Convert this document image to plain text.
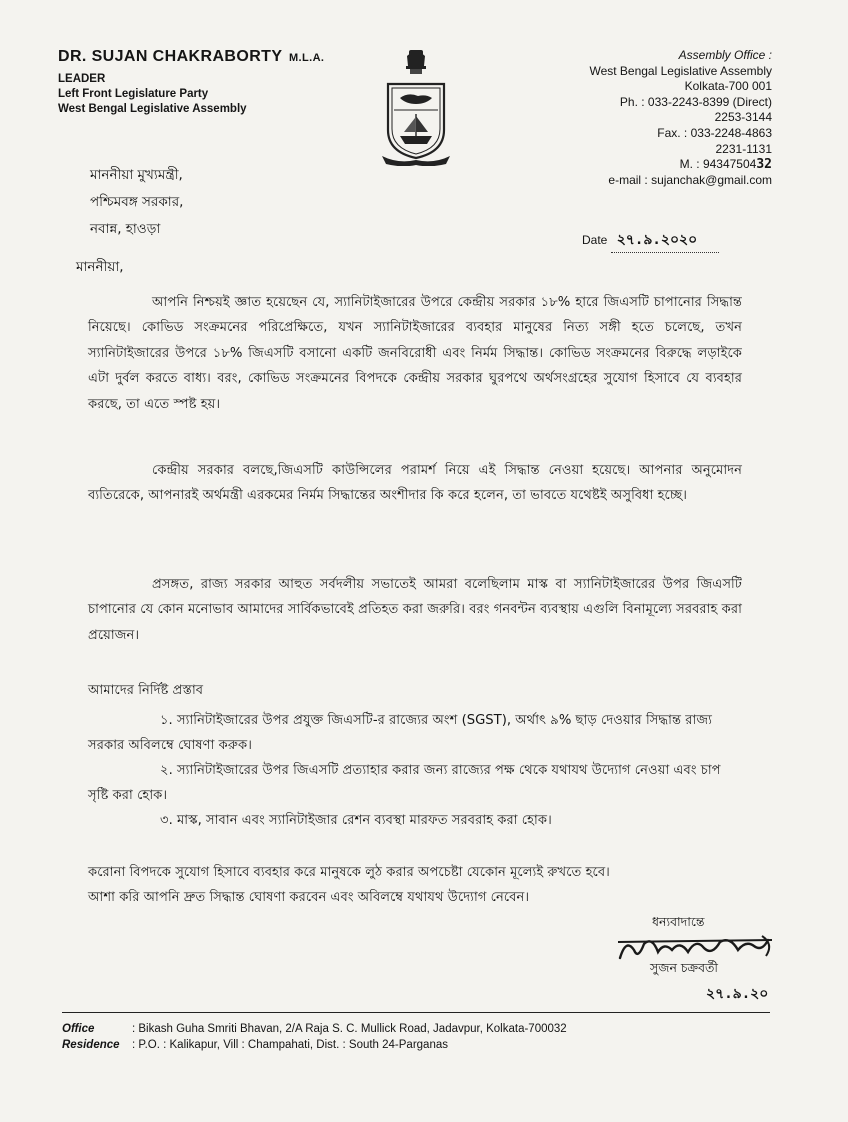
DR. SUJAN CHAKRABORTY M.L.A.
LEADER
Left Front Legislature Party
West Bengal Legislative Assembly
Assembly Office :
West Bengal Legislative Assembly
Kolkata-700 001
Ph. : 033-2243-8399 (Direct)
2253-3144
Fax. : 033-2248-4863
2231-1131
M. : 9434750432
e-mail : sujanchak@gmail.com
মাননীয়া মুখ্যমন্ত্রী,
পশ্চিমবঙ্গ সরকার,
নবান্ন, হাওড়া
Date ২৭.৯.২০২০
মাননীয়া,
আপনি নিশ্চয়ই জ্ঞাত হয়েছেন যে, স্যানিটাইজারের উপরে কেন্দ্রীয় সরকার ১৮% হারে জিএসটি চাপানোর সিদ্ধান্ত নিয়েছে। কোভিড সংক্রমনের পরিপ্রেক্ষিতে, যখন স্যানিটাইজারের ব্যবহার মানুষের নিত্য সঙ্গী হতে চলেছে, তখন স্যানিটাইজারের উপরে ১৮% জিএসটি বসানো একটি জনবিরোধী এবং নির্মম সিদ্ধান্ত। কোভিড সংক্রমনের বিরুদ্ধে লড়াইকে এটা দুর্বল করতে বাধ্য। বরং, কোভিড সংক্রমনের বিপদকে কেন্দ্রীয় সরকার ঘুরপথে অর্থসংগ্রহের সুযোগ হিসাবে যে ব্যবহার করছে, তা এতে স্পষ্ট হয়।
কেন্দ্রীয় সরকার বলছে,জিএসটি কাউন্সিলের পরামর্শ নিয়ে এই সিদ্ধান্ত নেওয়া হয়েছে। আপনার অনুমোদন ব্যতিরেকে, আপনারই অর্থমন্ত্রী এরকমের নির্মম সিদ্ধান্তের অংশীদার কি করে হলেন, তা ভাবতে যথেষ্টই অসুবিধা হচ্ছে।
প্রসঙ্গত, রাজ্য সরকার আহুত সর্বদলীয় সভাতেই আমরা বলেছিলাম মাস্ক বা স্যানিটাইজারের উপর জিএসটি চাপানোর যে কোন মনোভাব আমাদের সার্বিকভাবেই প্রতিহত করা জরুরি। বরং গনবন্টন ব্যবস্থায় এগুলি বিনামূল্যে সরবরাহ করা প্রয়োজন।
আমাদের নির্দিষ্ট প্রস্তাব
১. স্যানিটাইজারের উপর প্রযুক্ত জিএসটি-র রাজ্যের অংশ (SGST), অর্থাৎ ৯% ছাড় দেওয়ার সিদ্ধান্ত রাজ্য সরকার অবিলম্বে ঘোষণা করুক।
২. স্যানিটাইজারের উপর জিএসটি প্রত্যাহার করার জন্য রাজ্যের পক্ষ থেকে যথাযথ উদ্যোগ নেওয়া এবং চাপ সৃষ্টি করা হোক।
৩. মাস্ক, সাবান এবং স্যানিটাইজার রেশন ব্যবস্থা মারফত সরবরাহ করা হোক।
করোনা বিপদকে সুযোগ হিসাবে ব্যবহার করে মানুষকে লুঠ করার অপচেষ্টা যেকোন মূল্যেই রুখতে হবে।
আশা করি আপনি দ্রুত সিদ্ধান্ত ঘোষণা করবেন এবং অবিলম্বে যথাযথ উদ্যোগ নেবেন।
ধন্যবাদান্তে
সুজন চক্রবর্তী
২৭.৯.২০
Office	: Bikash Guha Smriti Bhavan, 2/A Raja S. C. Mullick Road, Jadavpur, Kolkata-700032
Residence : P.O. : Kalikapur, Vill : Champahati, Dist. : South 24-Parganas
